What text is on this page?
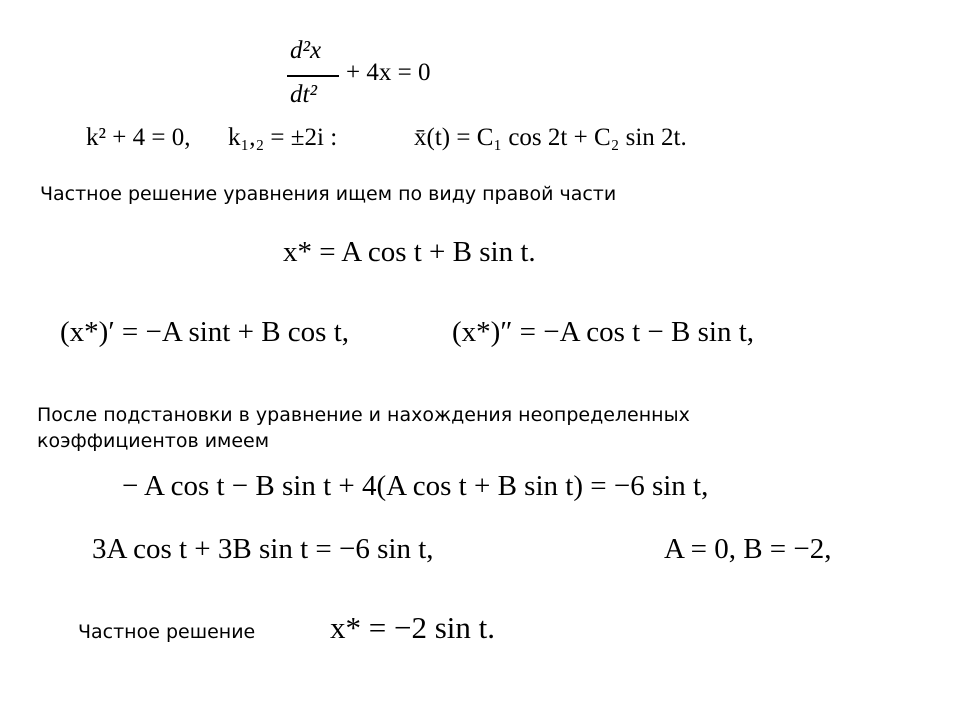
d²x
dt²
+ 4x = 0
k² + 4 = 0, k₁,₂ = ±2i :	x̄(t) = C₁ cos 2t + C₂ sin 2t.
Частное решение уравнения ищем по виду правой части
x* = A cos t + B sin t.
(x*)′ = −A sint + B cos t,	(x*)″ = −A cos t − B sin t,
После подстановки в уравнение и нахождения неопределенных
коэффициентов имеем
− A cos t − B sin t + 4(A cos t + B sin t) = −6 sin t,
3A cos t + 3B sin t = −6 sin t,	A = 0, B = −2,
Частное решение x* = −2 sin t.
